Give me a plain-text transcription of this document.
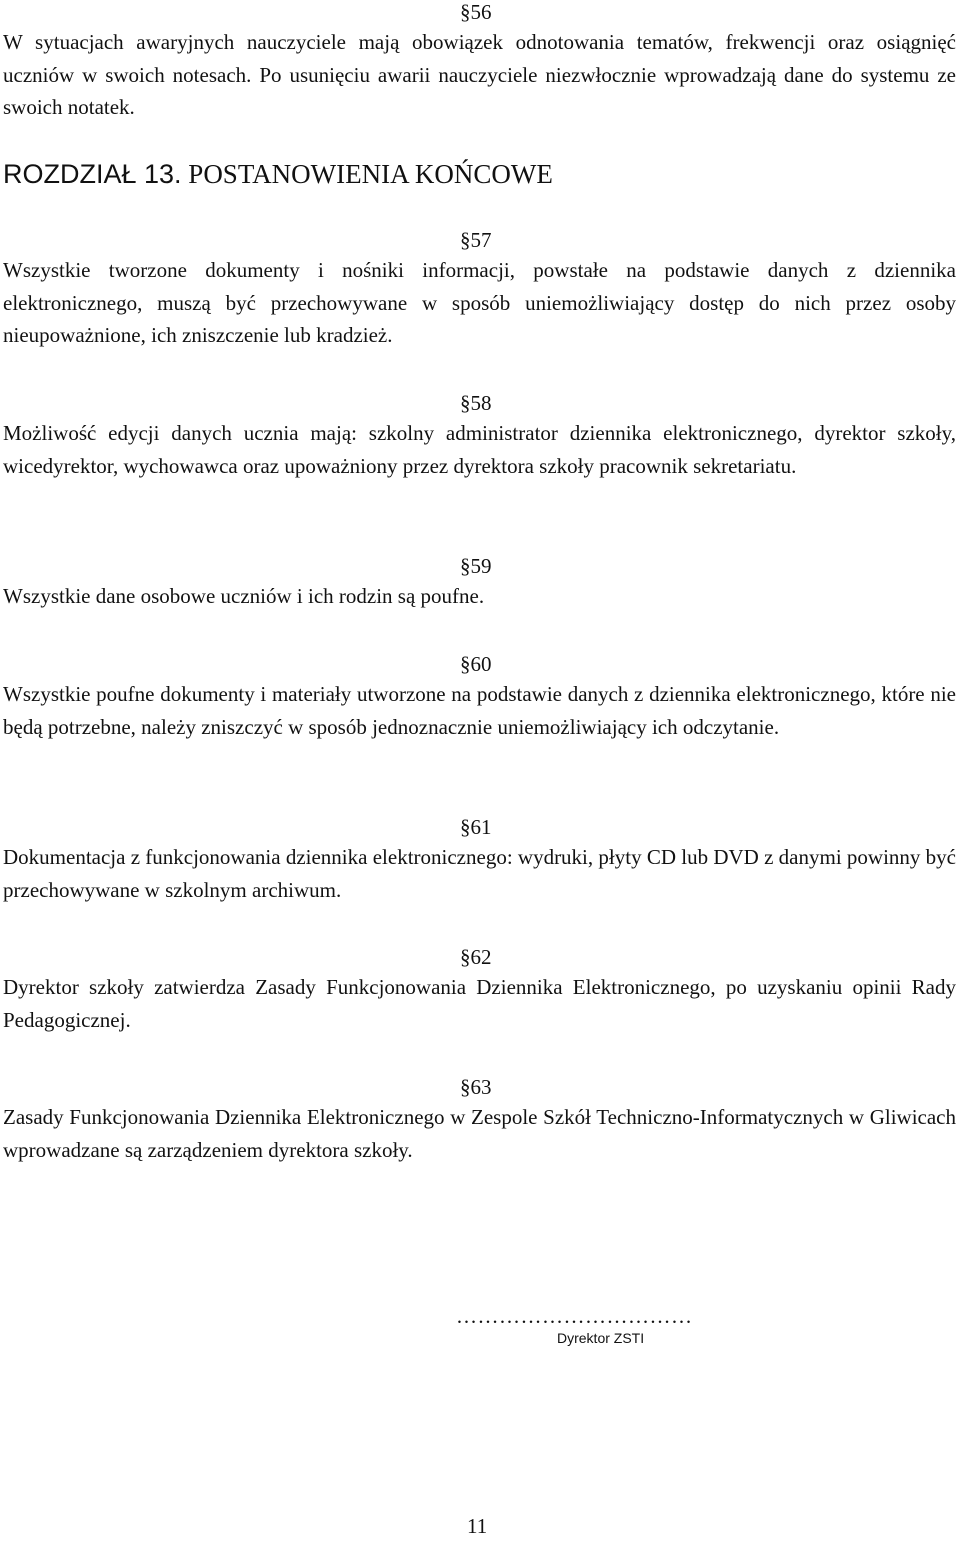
§56
W sytuacjach awaryjnych nauczyciele mają obowiązek odnotowania tematów, frekwencji oraz osiągnięć uczniów w swoich notesach. Po usunięciu awarii nauczyciele niezwłocznie wprowadzają dane do systemu ze swoich notatek.
ROZDZIAŁ 13. POSTANOWIENIA KOŃCOWE
§57
Wszystkie tworzone dokumenty i nośniki informacji, powstałe na podstawie danych z dziennika elektronicznego, muszą być przechowywane w sposób uniemożliwiający dostęp do nich przez osoby nieupoważnione, ich zniszczenie lub kradzież.
§58
Możliwość edycji danych ucznia mają: szkolny administrator dziennika elektronicznego, dyrektor szkoły, wicedyrektor, wychowawca oraz upoważniony przez dyrektora szkoły pracownik sekretariatu.
§59
Wszystkie dane osobowe uczniów i ich rodzin są poufne.
§60
Wszystkie poufne dokumenty i materiały utworzone na podstawie danych z dziennika elektronicznego, które nie będą potrzebne, należy zniszczyć w sposób jednoznacznie uniemożliwiający ich odczytanie.
§61
Dokumentacja z funkcjonowania dziennika elektronicznego: wydruki, płyty CD lub DVD z danymi powinny być przechowywane w szkolnym archiwum.
§62
Dyrektor szkoły zatwierdza Zasady Funkcjonowania Dziennika Elektronicznego, po uzyskaniu opinii Rady Pedagogicznej.
§63
Zasady Funkcjonowania Dziennika Elektronicznego w Zespole Szkół Techniczno-Informatycznych w Gliwicach wprowadzane są zarządzeniem dyrektora szkoły.
……………………………
Dyrektor ZSTI
11
